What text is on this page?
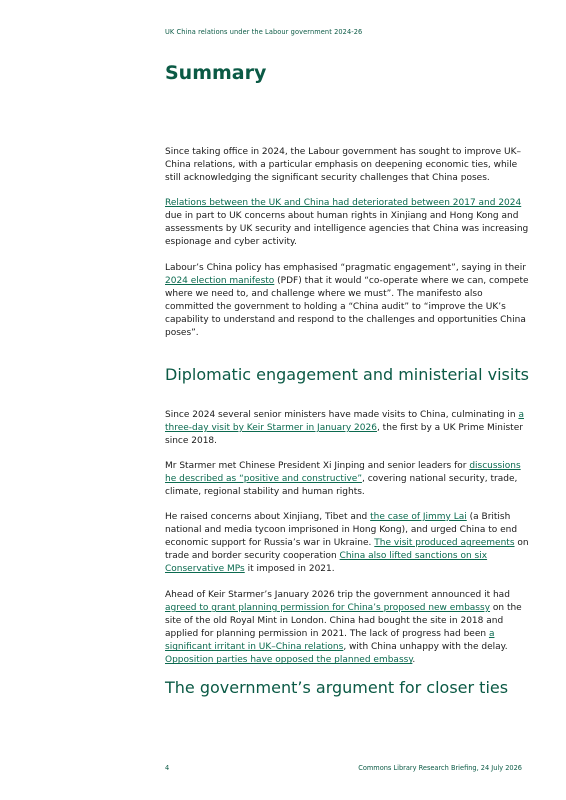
UK China relations under the Labour government 2024-26
Summary

Since taking office in 2024, the Labour government has sought to improve UK–China relations, with a particular emphasis on deepening economic ties, while still acknowledging the significant security challenges that China poses.

Relations between the UK and China had deteriorated between 2017 and 2024 due in part to UK concerns about human rights in Xinjiang and Hong Kong and assessments by UK security and intelligence agencies that China was increasing espionage and cyber activity.

Labour’s China policy has emphasised “pragmatic engagement”, saying in their 2024 election manifesto (PDF) that it would “co-operate where we can, compete where we need to, and challenge where we must”. The manifesto also committed the government to holding a “China audit” to “improve the UK’s capability to understand and respond to the challenges and opportunities China poses”.

Diplomatic engagement and ministerial visits

Since 2024 several senior ministers have made visits to China, culminating in a three-day visit by Keir Starmer in January 2026, the first by a UK Prime Minister since 2018.

Mr Starmer met Chinese President Xi Jinping and senior leaders for discussions he described as “positive and constructive”, covering national security, trade, climate, regional stability and human rights.

He raised concerns about Xinjiang, Tibet and the case of Jimmy Lai (a British national and media tycoon imprisoned in Hong Kong), and urged China to end economic support for Russia’s war in Ukraine. The visit produced agreements on trade and border security cooperation China also lifted sanctions on six Conservative MPs it imposed in 2021.

Ahead of Keir Starmer’s January 2026 trip the government announced it had agreed to grant planning permission for China’s proposed new embassy on the site of the old Royal Mint in London. China had bought the site in 2018 and applied for planning permission in 2021. The lack of progress had been a significant irritant in UK–China relations, with China unhappy with the delay. Opposition parties have opposed the planned embassy.

The government’s argument for closer ties
4	Commons Library Research Briefing, 24 July 2026
